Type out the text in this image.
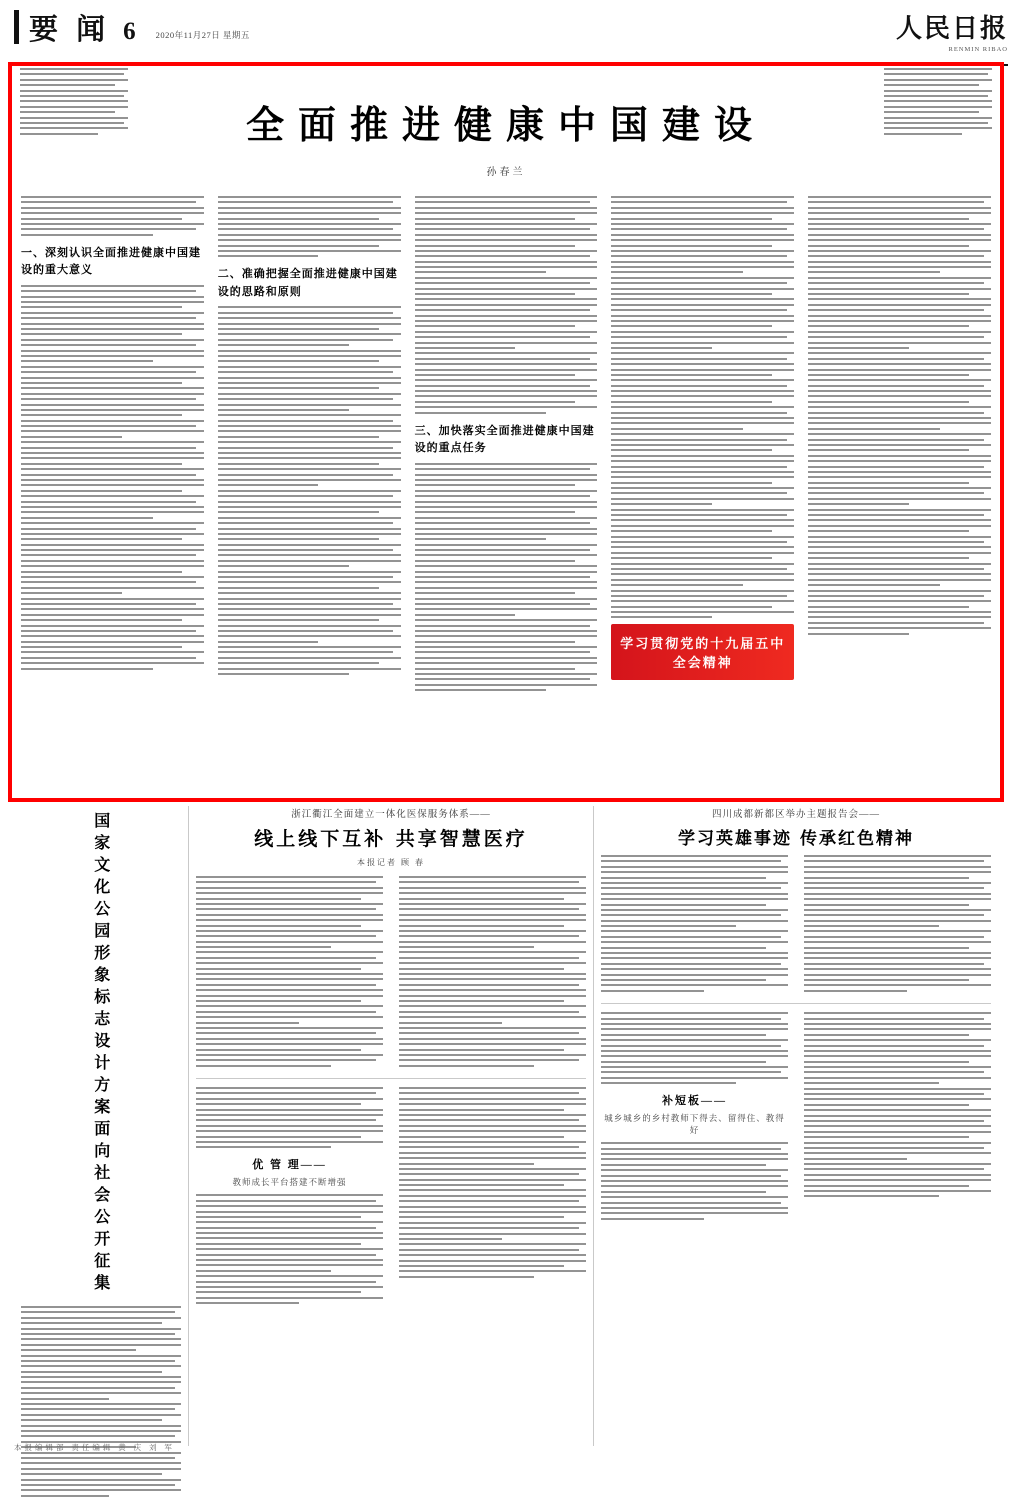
要 闻 6 2020年11月27日 星期五	人民日报
RENMIN RIBAO
全面推进健康中国建设
孙春兰
一、深刻认识全面推进健康中国建设的重大意义	二、准确把握全面推进健康中国建设的思路和原则
三、加快落实全面推进健康中国建设的重点任务
学习贯彻党的十九届五中全会精神
国家文化公园形象标志设计方案面向社会公开征集	浙江衢江全面建立一体化医保服务体系——
线上线下互补 共享智慧医疗
本报记者 顾 春
优 管 理——
教师成长平台搭建不断增强
四川成都新都区举办主题报告会——
学习英雄事迹 传承红色精神
补短板——
城乡城乡的乡村教师下得去、留得住、教得好
本报编辑部 责任编辑 黄 庆 刘 军
